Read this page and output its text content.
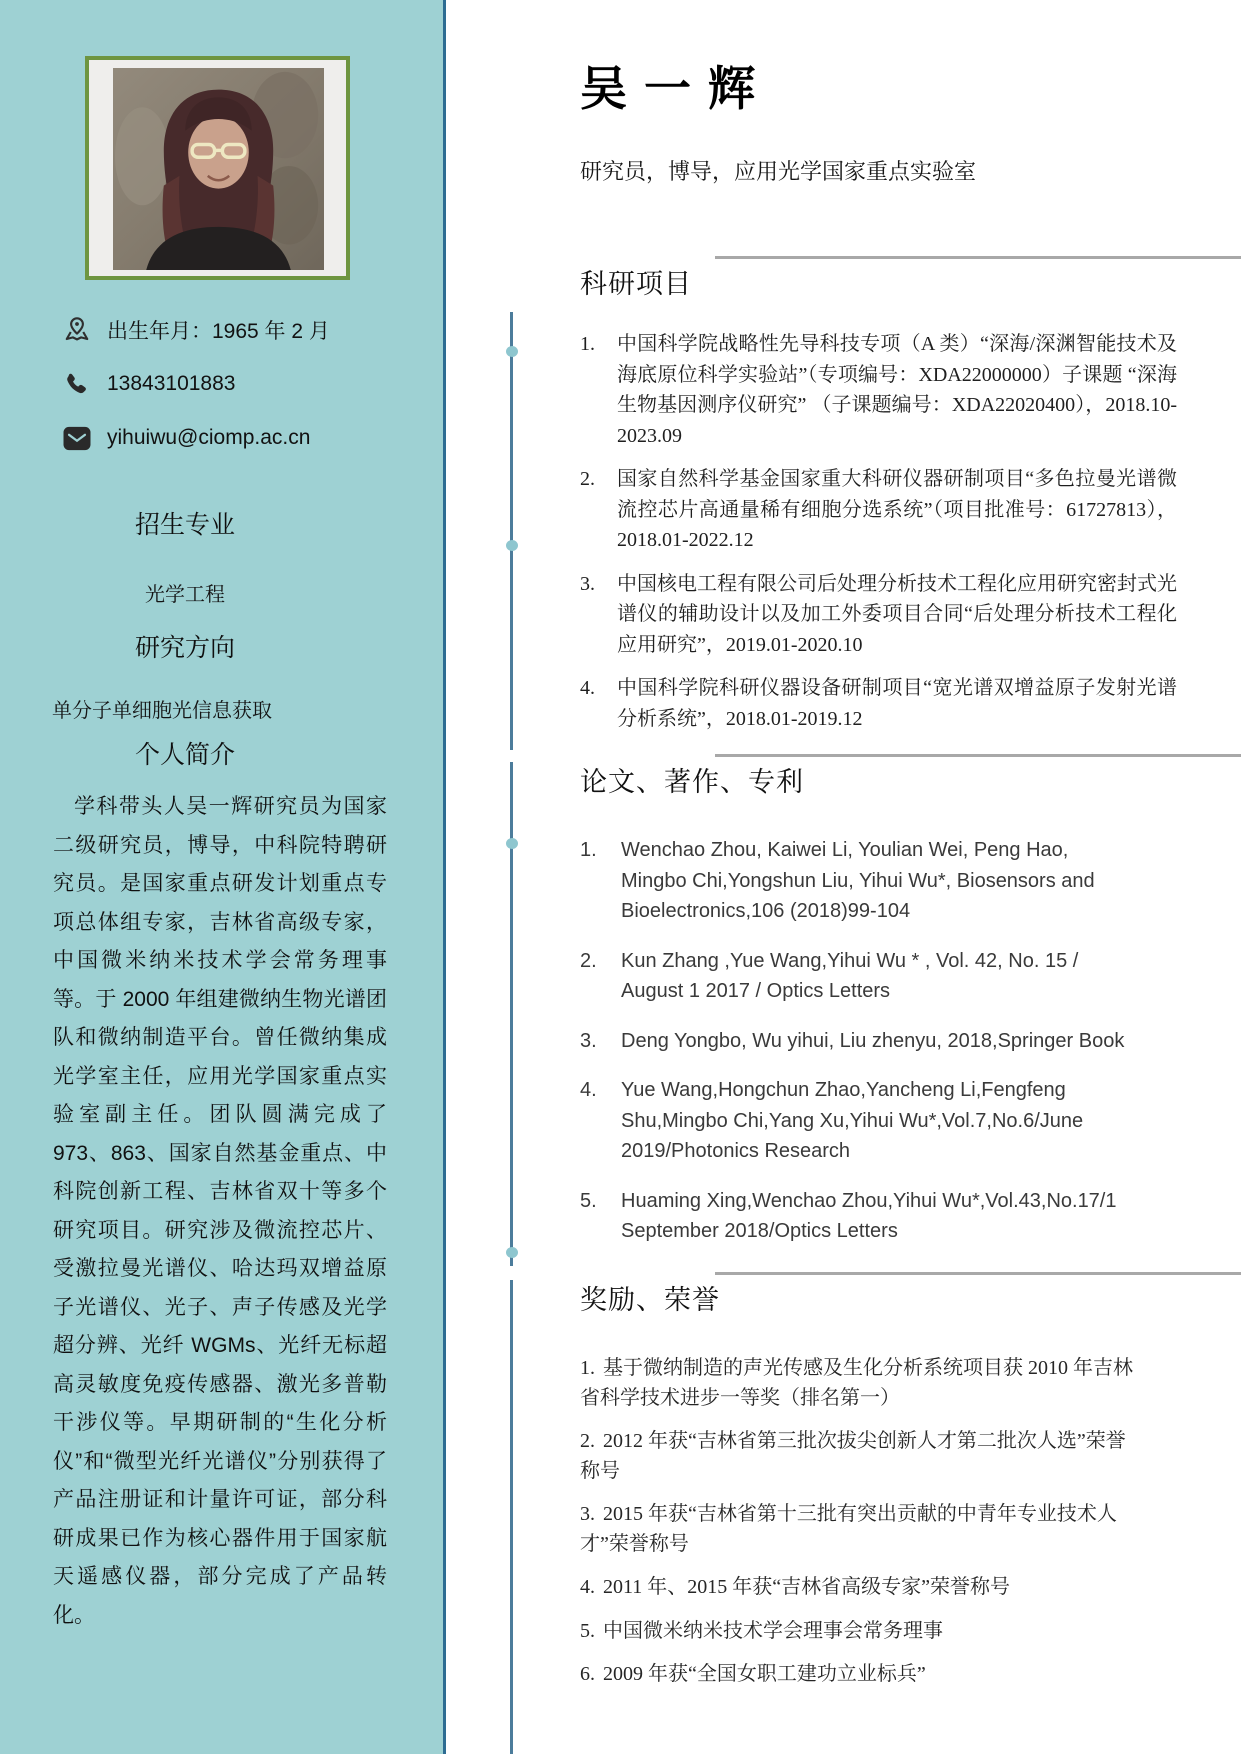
出生年月：1965 年 2 月
13843101883
yihuiwu@ciomp.ac.cn
招生专业

光学工程

研究方向

单分子单细胞光信息获取

个人简介

学科带头人吴一辉研究员为国家二级研究员，博导，中科院特聘研究员。是国家重点研发计划重点专项总体组专家，吉林省高级专家，中国微米纳米技术学会常务理事等。于 2000 年组建微纳生物光谱团队和微纳制造平台。曾任微纳集成光学室主任，应用光学国家重点实验室副主任。团队圆满完成了 973、863、国家自然基金重点、中科院创新工程、吉林省双十等多个研究项目。研究涉及微流控芯片、受激拉曼光谱仪、哈达玛双增益原子光谱仪、光子、声子传感及光学超分辨、光纤 WGMs、光纤无标超高灵敏度免疫传感器、激光多普勒干涉仪等。早期研制的“生化分析仪”和“微型光纤光谱仪”分别获得了产品注册证和计量许可证，部分科研成果已作为核心器件用于国家航天遥感仪器，部分完成了产品转化。

吴 一 辉

研究员，博导，应用光学国家重点实验室

科研项目
1.	中国科学院战略性先导科技专项（A 类）“深海/深渊智能技术及海底原位科学实验站”（专项编号：XDA22000000）子课题 “深海生物基因测序仪研究” （子课题编号：XDA22020400），2018.10-2023.09
2.	国家自然科学基金国家重大科研仪器研制项目“多色拉曼光谱微流控芯片高通量稀有细胞分选系统”（项目批准号：61727813），2018.01-2022.12
3.	中国核电工程有限公司后处理分析技术工程化应用研究密封式光谱仪的辅助设计以及加工外委项目合同“后处理分析技术工程化应用研究”，2019.01-2020.10
4.	中国科学院科研仪器设备研制项目“宽光谱双增益原子发射光谱分析系统”，2018.01-2019.12
论文、著作、专利
1.	Wenchao Zhou, Kaiwei Li, Youlian Wei, Peng Hao, Mingbo Chi,Yongshun Liu, Yihui Wu*, Biosensors and Bioelectronics,106 (2018)99-104
2.	Kun Zhang ,Yue Wang,Yihui Wu * , Vol. 42, No. 15 / August 1 2017 / Optics Letters
3.	Deng Yongbo, Wu yihui, Liu zhenyu, 2018,Springer Book
4.	Yue Wang,Hongchun Zhao,Yancheng Li,Fengfeng Shu,Mingbo Chi,Yang Xu,Yihui Wu*,Vol.7,No.6/June 2019/Photonics Research
5.	Huaming Xing,Wenchao Zhou,Yihui Wu*,Vol.43,No.17/1 September 2018/Optics Letters
奖励、荣誉
1. 基于微纳制造的声光传感及生化分析系统项目获 2010 年吉林省科学技术进步一等奖（排名第一）
2. 2012 年获“吉林省第三批次拔尖创新人才第二批次人选”荣誉称号
3. 2015 年获“吉林省第十三批有突出贡献的中青年专业技术人才”荣誉称号
4. 2011 年、2015 年获“吉林省高级专家”荣誉称号
5. 中国微米纳米技术学会理事会常务理事
6. 2009 年获“全国女职工建功立业标兵”
